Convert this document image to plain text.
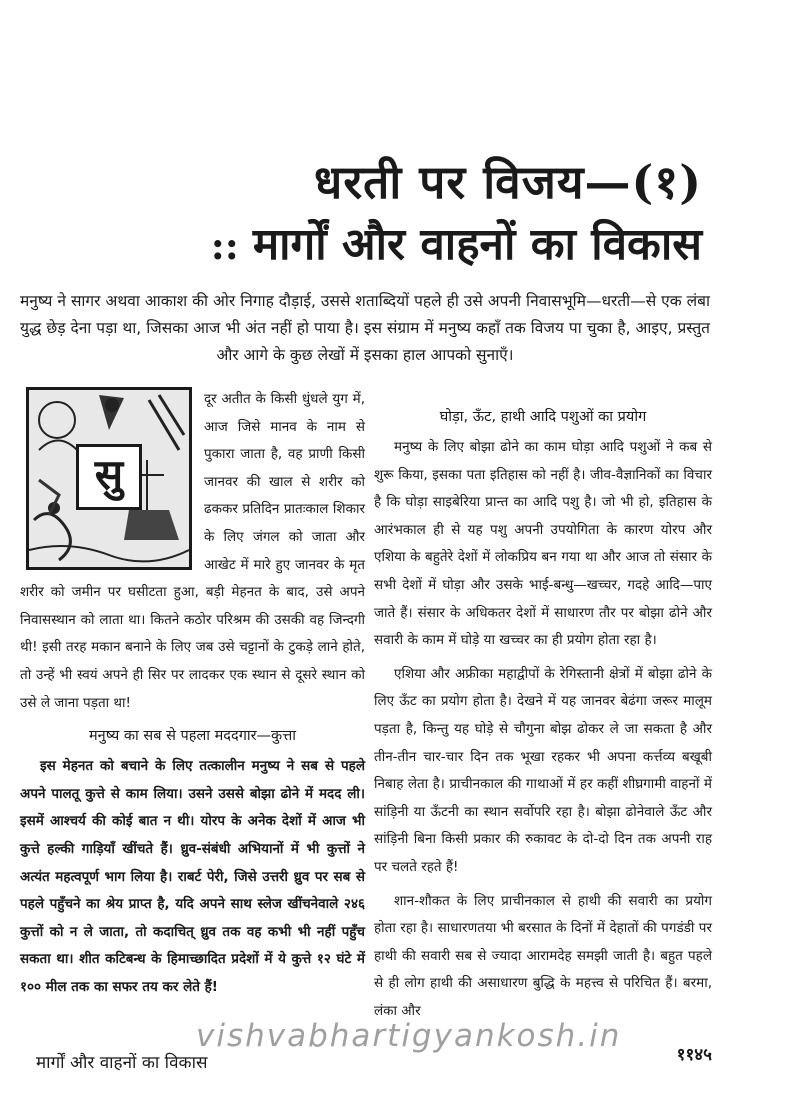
धरती पर विजय—(१)
:: मार्गों और वाहनों का विकास
मनुष्य ने सागर अथवा आकाश की ओर निगाह दौड़ाई, उससे शताब्दियों पहले ही उसे अपनी निवासभूमि—धरती—से एक लंबा युद्ध छेड़ देना पड़ा था, जिसका आज भी अंत नहीं हो पाया है। इस संग्राम में मनुष्य कहाँ तक विजय पा चुका है, आइए, प्रस्तुत और आगे के कुछ लेखों में इसका हाल आपको सुनाएँ।
सु

दूर अतीत के किसी धुंधले युग में, आज जिसे मानव के नाम से पुकारा जाता है, वह प्राणी किसी जानवर की खाल से शरीर को ढककर प्रतिदिन प्रातःकाल शिकार के लिए जंगल को जाता और आखेट में मारे हुए जानवर के मृत शरीर को जमीन पर घसीटता हुआ, बड़ी मेहनत के बाद, उसे अपने निवासस्थान को लाता था। कितने कठोर परिश्रम की उसकी वह जिन्दगी थी! इसी तरह मकान बनाने के लिए जब उसे चट्टानों के टुकड़े लाने होते, तो उन्हें भी स्वयं अपने ही सिर पर लादकर एक स्थान से दूसरे स्थान को उसे ले जाना पड़ता था!

मनुष्य का सब से पहला मददगार—कुत्ता

इस मेहनत को बचाने के लिए तत्कालीन मनुष्य ने सब से पहले अपने पालतू कुत्ते से काम लिया। उसने उससे बोझा ढोने में मदद ली। इसमें आश्चर्य की कोई बात न थी। योरप के अनेक देशों में आज भी कुत्ते हल्की गाड़ियाँ खींचते हैं। ध्रुव-संबंधी अभियानों में भी कुत्तों ने अत्यंत महत्वपूर्ण भाग लिया है। राबर्ट पेरी, जिसे उत्तरी ध्रुव पर सब से पहले पहुँचने का श्रेय प्राप्त है, यदि अपने साथ स्लेज खींचनेवाले २४६ कुत्तों को न ले जाता, तो कदाचित् ध्रुव तक वह कभी भी नहीं पहुँच सकता था। शीत कटिबन्ध के हिमाच्छादित प्रदेशों में ये कुत्ते १२ घंटे में १०० मील तक का सफर तय कर लेते हैं!

घोड़ा, ऊँट, हाथी आदि पशुओं का प्रयोग

मनुष्य के लिए बोझा ढोने का काम घोड़ा आदि पशुओं ने कब से शुरू किया, इसका पता इतिहास को नहीं है। जीव-वैज्ञानिकों का विचार है कि घोड़ा साइबेरिया प्रान्त का आदि पशु है। जो भी हो, इतिहास के आरंभकाल ही से यह पशु अपनी उपयोगिता के कारण योरप और एशिया के बहुतेरे देशों में लोकप्रिय बन गया था और आज तो संसार के सभी देशों में घोड़ा और उसके भाई-बन्धु—खच्चर, गदहे आदि—पाए जाते हैं। संसार के अधिकतर देशों में साधारण तौर पर बोझा ढोने और सवारी के काम में घोड़े या खच्चर का ही प्रयोग होता रहा है।

एशिया और अफ्रीका महाद्वीपों के रेगिस्तानी क्षेत्रों में बोझा ढोने के लिए ऊँट का प्रयोग होता है। देखने में यह जानवर बेढंगा जरूर मालूम पड़ता है, किन्तु यह घोड़े से चौगुना बोझ ढोकर ले जा सकता है और तीन-तीन चार-चार दिन तक भूखा रहकर भी अपना कर्त्तव्य बखूबी निबाह लेता है। प्राचीनकाल की गाथाओं में हर कहीं शीघ्रगामी वाहनों में सांड़िनी या ऊँटनी का स्थान सर्वोपरि रहा है। बोझा ढोनेवाले ऊँट और सांड़िनी बिना किसी प्रकार की रुकावट के दो-दो दिन तक अपनी राह पर चलते रहते हैं!

शान-शौकत के लिए प्राचीनकाल से हाथी की सवारी का प्रयोग होता रहा है। साधारणतया भी बरसात के दिनों में देहातों की पगडंडी पर हाथी की सवारी सब से ज्यादा आरामदेह समझी जाती है। बहुत पहले से ही लोग हाथी की असाधारण बुद्धि के महत्त्व से परिचित हैं। बरमा, लंका और

vishvabhartigyankosh.in
मार्गों और वाहनों का विकास	११४५
